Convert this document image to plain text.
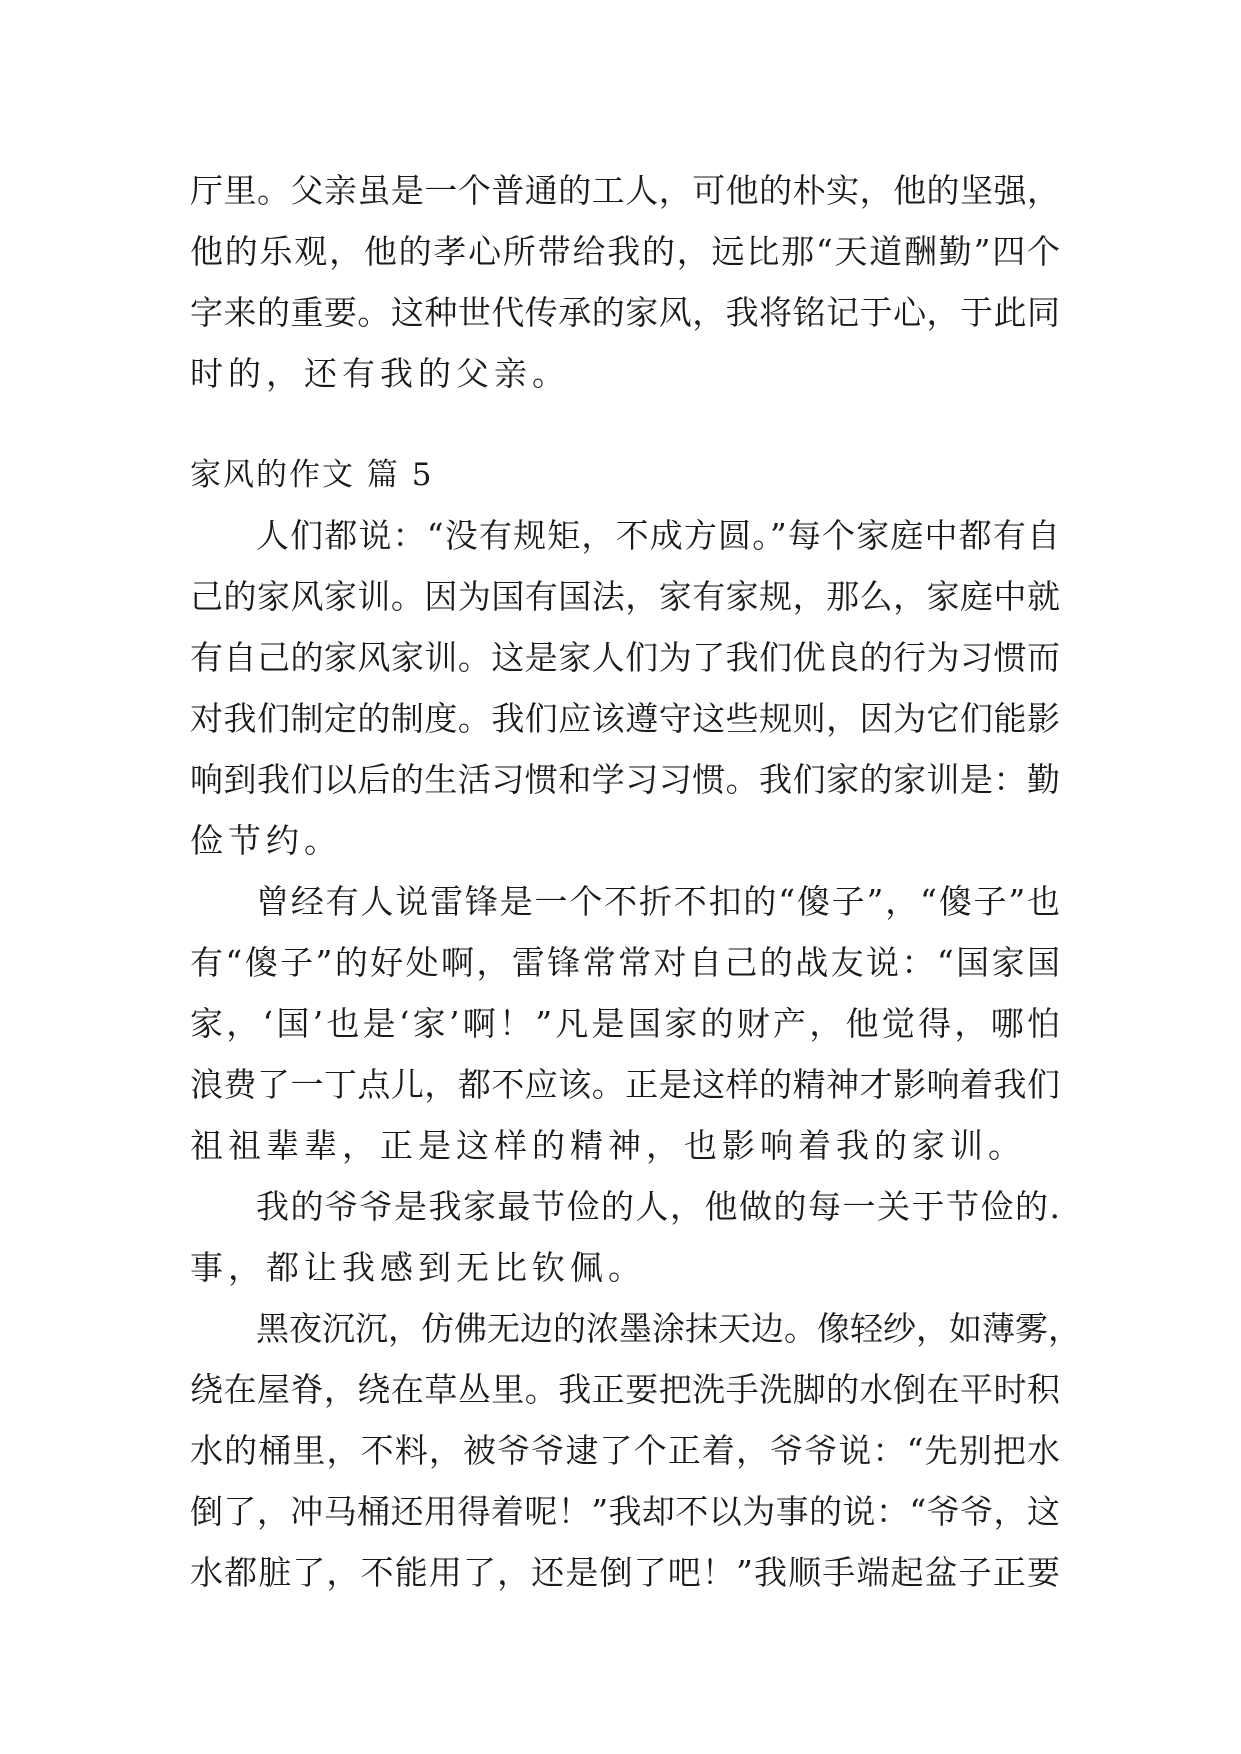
厅里。父亲虽是一个普通的工人，可他的朴实，他的坚强，
他的乐观，他的孝心所带给我的，远比那“天道酬勤”四个
字来的重要。这种世代传承的家风，我将铭记于心，于此同
时的，还有我的父亲。
家风的作文 篇 5
人们都说：“没有规矩，不成方圆。”每个家庭中都有自
己的家风家训。因为国有国法，家有家规，那么，家庭中就
有自己的家风家训。这是家人们为了我们优良的行为习惯而
对我们制定的制度。我们应该遵守这些规则，因为它们能影
响到我们以后的生活习惯和学习习惯。我们家的家训是：勤
俭节约。
曾经有人说雷锋是一个不折不扣的“傻子”，“傻子”也
有“傻子”的好处啊，雷锋常常对自己的战友说：“国家国
家，‘国’也是‘家’啊！”凡是国家的财产，他觉得，哪怕
浪费了一丁点儿，都不应该。正是这样的精神才影响着我们
祖祖辈辈，正是这样的精神，也影响着我的家训。
我的爷爷是我家最节俭的人，他做的每一关于节俭的.
事，都让我感到无比钦佩。
黑夜沉沉，仿佛无边的浓墨涂抹天边。像轻纱，如薄雾，
绕在屋脊，绕在草丛里。我正要把洗手洗脚的水倒在平时积
水的桶里，不料，被爷爷逮了个正着，爷爷说：“先别把水
倒了，冲马桶还用得着呢！”我却不以为事的说：“爷爷，这
水都脏了，不能用了，还是倒了吧！”我顺手端起盆子正要
